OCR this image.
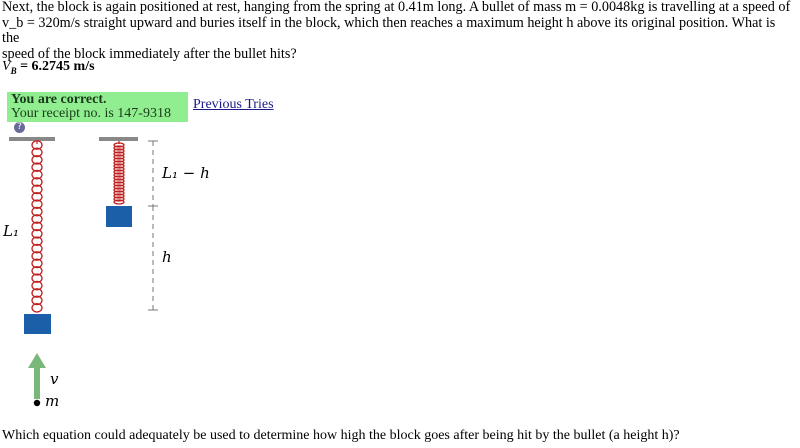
Next, the block is again positioned at rest, hanging from the spring at 0.41m long. A bullet of mass m = 0.0048kg is travelling at a speed of
v_b = 320m/s straight upward and buries itself in the block, which then reaches a maximum height h above its original position. What is the
speed of the block immediately after the bullet hits?
$V_B = 6.2745$ m/s
You are correct.
Your receipt no. is 147-9318?
Previous Tries
L₁
L₁ − h
h
v
m
Which equation could adequately be used to determine how high the block goes after being hit by the bullet (a height h)?
